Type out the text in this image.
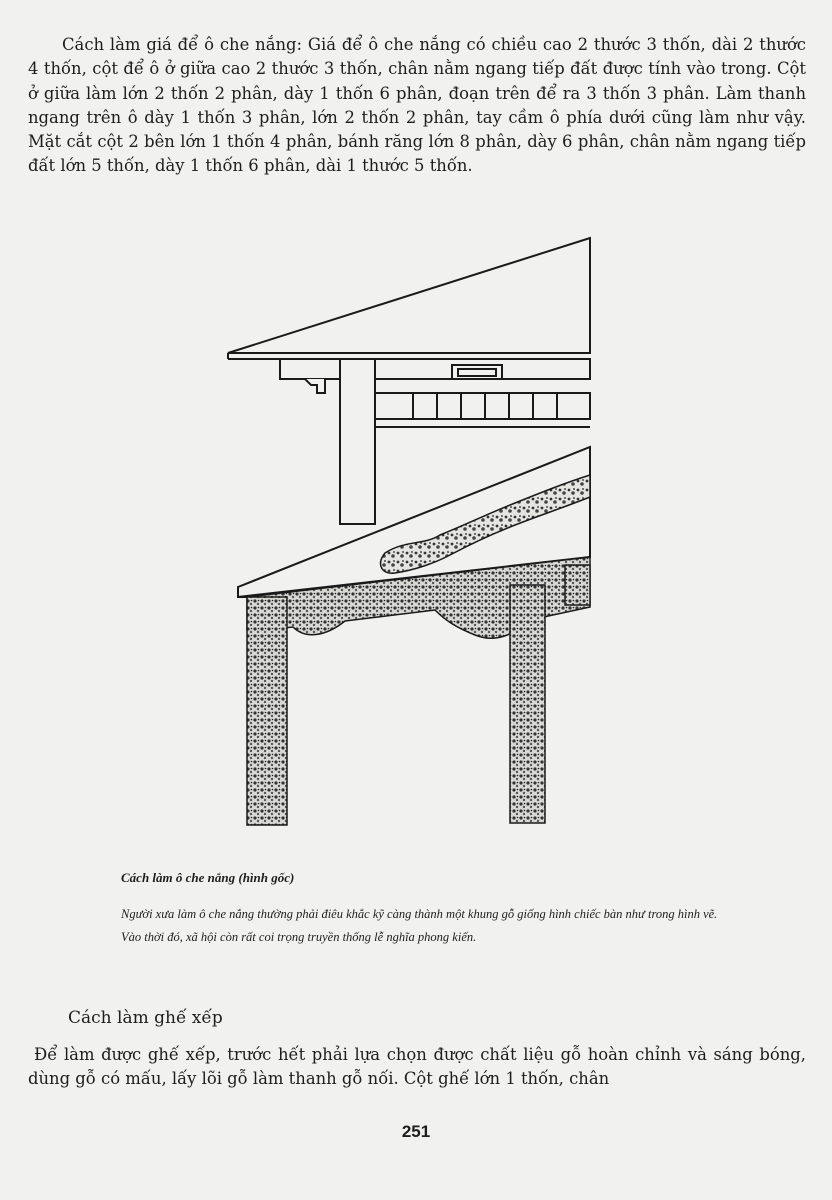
Cách làm giá để ô che nắng: Giá để ô che nắng có chiều cao 2 thước 3 thốn, dài 2 thước 4 thốn, cột để ô ở giữa cao 2 thước 3 thốn, chân nằm ngang tiếp đất được tính vào trong. Cột ở giữa làm lớn 2 thốn 2 phân, dày 1 thốn 6 phân, đoạn trên để ra 3 thốn 3 phân. Làm thanh ngang trên ô dày 1 thốn 3 phân, lớn 2 thốn 2 phân, tay cầm ô phía dưới cũng làm như vậy. Mặt cắt cột 2 bên lớn 1 thốn 4 phân, bánh răng lớn 8 phân, dày 6 phân, chân nằm ngang tiếp đất lớn 5 thốn, dày 1 thốn 6 phân, dài 1 thước 5 thốn.

Cách làm ô che nắng (hình gốc)

Người xưa làm ô che nắng thường phải điêu khắc kỹ càng thành một khung gỗ giống hình chiếc bàn như trong hình vẽ. Vào thời đó, xã hội còn rất coi trọng truyền thống lễ nghĩa phong kiến.

Cách làm ghế xếp

Để làm được ghế xếp, trước hết phải lựa chọn được chất liệu gỗ hoàn chỉnh và sáng bóng, dùng gỗ có mấu, lấy lõi gỗ làm thanh gỗ nối. Cột ghế lớn 1 thốn, chân

251
